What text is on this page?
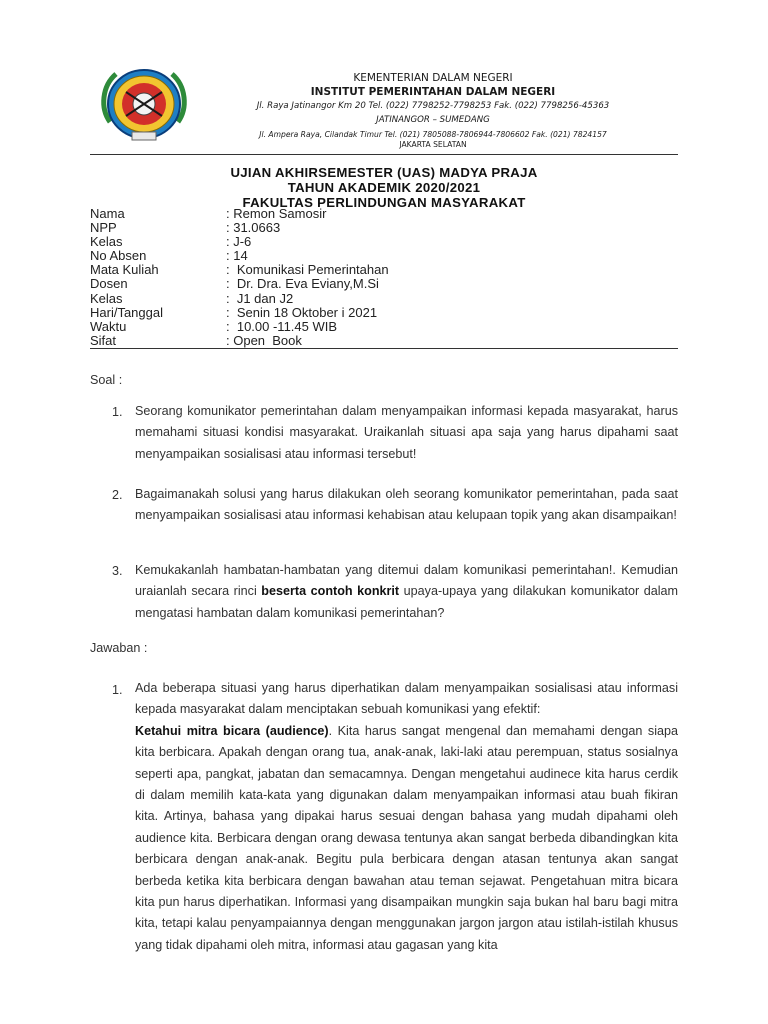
KEMENTERIAN DALAM NEGERI
INSTITUT PEMERINTAHAN DALAM NEGERI
Jl. Raya Jatinangor Km 20 Tel. (022) 7798252-7798253 Fak. (022) 7798256-45363
JATINANGOR – SUMEDANG
Jl. Ampera Raya, Cilandak Timur Tel. (021) 7805088-7806944-7806602 Fak. (021) 7824157
JAKARTA SELATAN
UJIAN AKHIRSEMESTER (UAS) MADYA PRAJA
TAHUN AKADEMIK 2020/2021
FAKULTAS PERLINDUNGAN MASYARAKAT
Nama	: Remon Samosir
NPP	: 31.0663
Kelas	: J-6
No Absen	: 14
Mata Kuliah	:  Komunikasi Pemerintahan
Dosen	:  Dr. Dra. Eva Eviany,M.Si
Kelas	:  J1 dan J2
Hari/Tanggal	:  Senin 18 Oktober i 2021
Waktu	:  10.00 -11.45 WIB
Sifat	: Open  Book
Soal :
1. Seorang komunikator pemerintahan dalam menyampaikan informasi kepada masyarakat, harus memahami situasi kondisi masyarakat. Uraikanlah situasi apa saja yang harus dipahami saat menyampaikan sosialisasi atau informasi tersebut!
2. Bagaimanakah solusi yang harus dilakukan oleh seorang komunikator pemerintahan, pada saat menyampaikan sosialisasi atau informasi kehabisan atau kelupaan topik yang akan disampaikan!
3. Kemukakanlah hambatan-hambatan yang ditemui dalam komunikasi pemerintahan!. Kemudian uraianlah secara rinci beserta contoh konkrit upaya-upaya yang dilakukan komunikator dalam mengatasi hambatan dalam komunikasi pemerintahan?
Jawaban :
1. Ada beberapa situasi yang harus diperhatikan dalam menyampaikan sosialisasi atau informasi kepada masyarakat dalam menciptakan sebuah komunikasi yang efektif:

Ketahui mitra bicara (audience). Kita harus sangat mengenal dan memahami dengan siapa kita berbicara. Apakah dengan orang tua, anak-anak, laki-laki atau perempuan, status sosialnya seperti apa, pangkat, jabatan dan semacamnya. Dengan mengetahui audinece kita harus cerdik di dalam memilih kata-kata yang digunakan dalam menyampaikan informasi atau buah fikiran kita. Artinya, bahasa yang dipakai harus sesuai dengan bahasa yang mudah dipahami oleh audience kita. Berbicara dengan orang dewasa tentunya akan sangat berbeda dibandingkan kita berbicara dengan anak-anak. Begitu pula berbicara dengan atasan tentunya akan sangat berbeda ketika kita berbicara dengan bawahan atau teman sejawat. Pengetahuan mitra bicara kita pun harus diperhatikan. Informasi yang disampaikan mungkin saja bukan hal baru bagi mitra kita, tetapi kalau penyampaiannya dengan menggunakan jargon jargon atau istilah-istilah khusus yang tidak dipahami oleh mitra, informasi atau gagasan yang kita
